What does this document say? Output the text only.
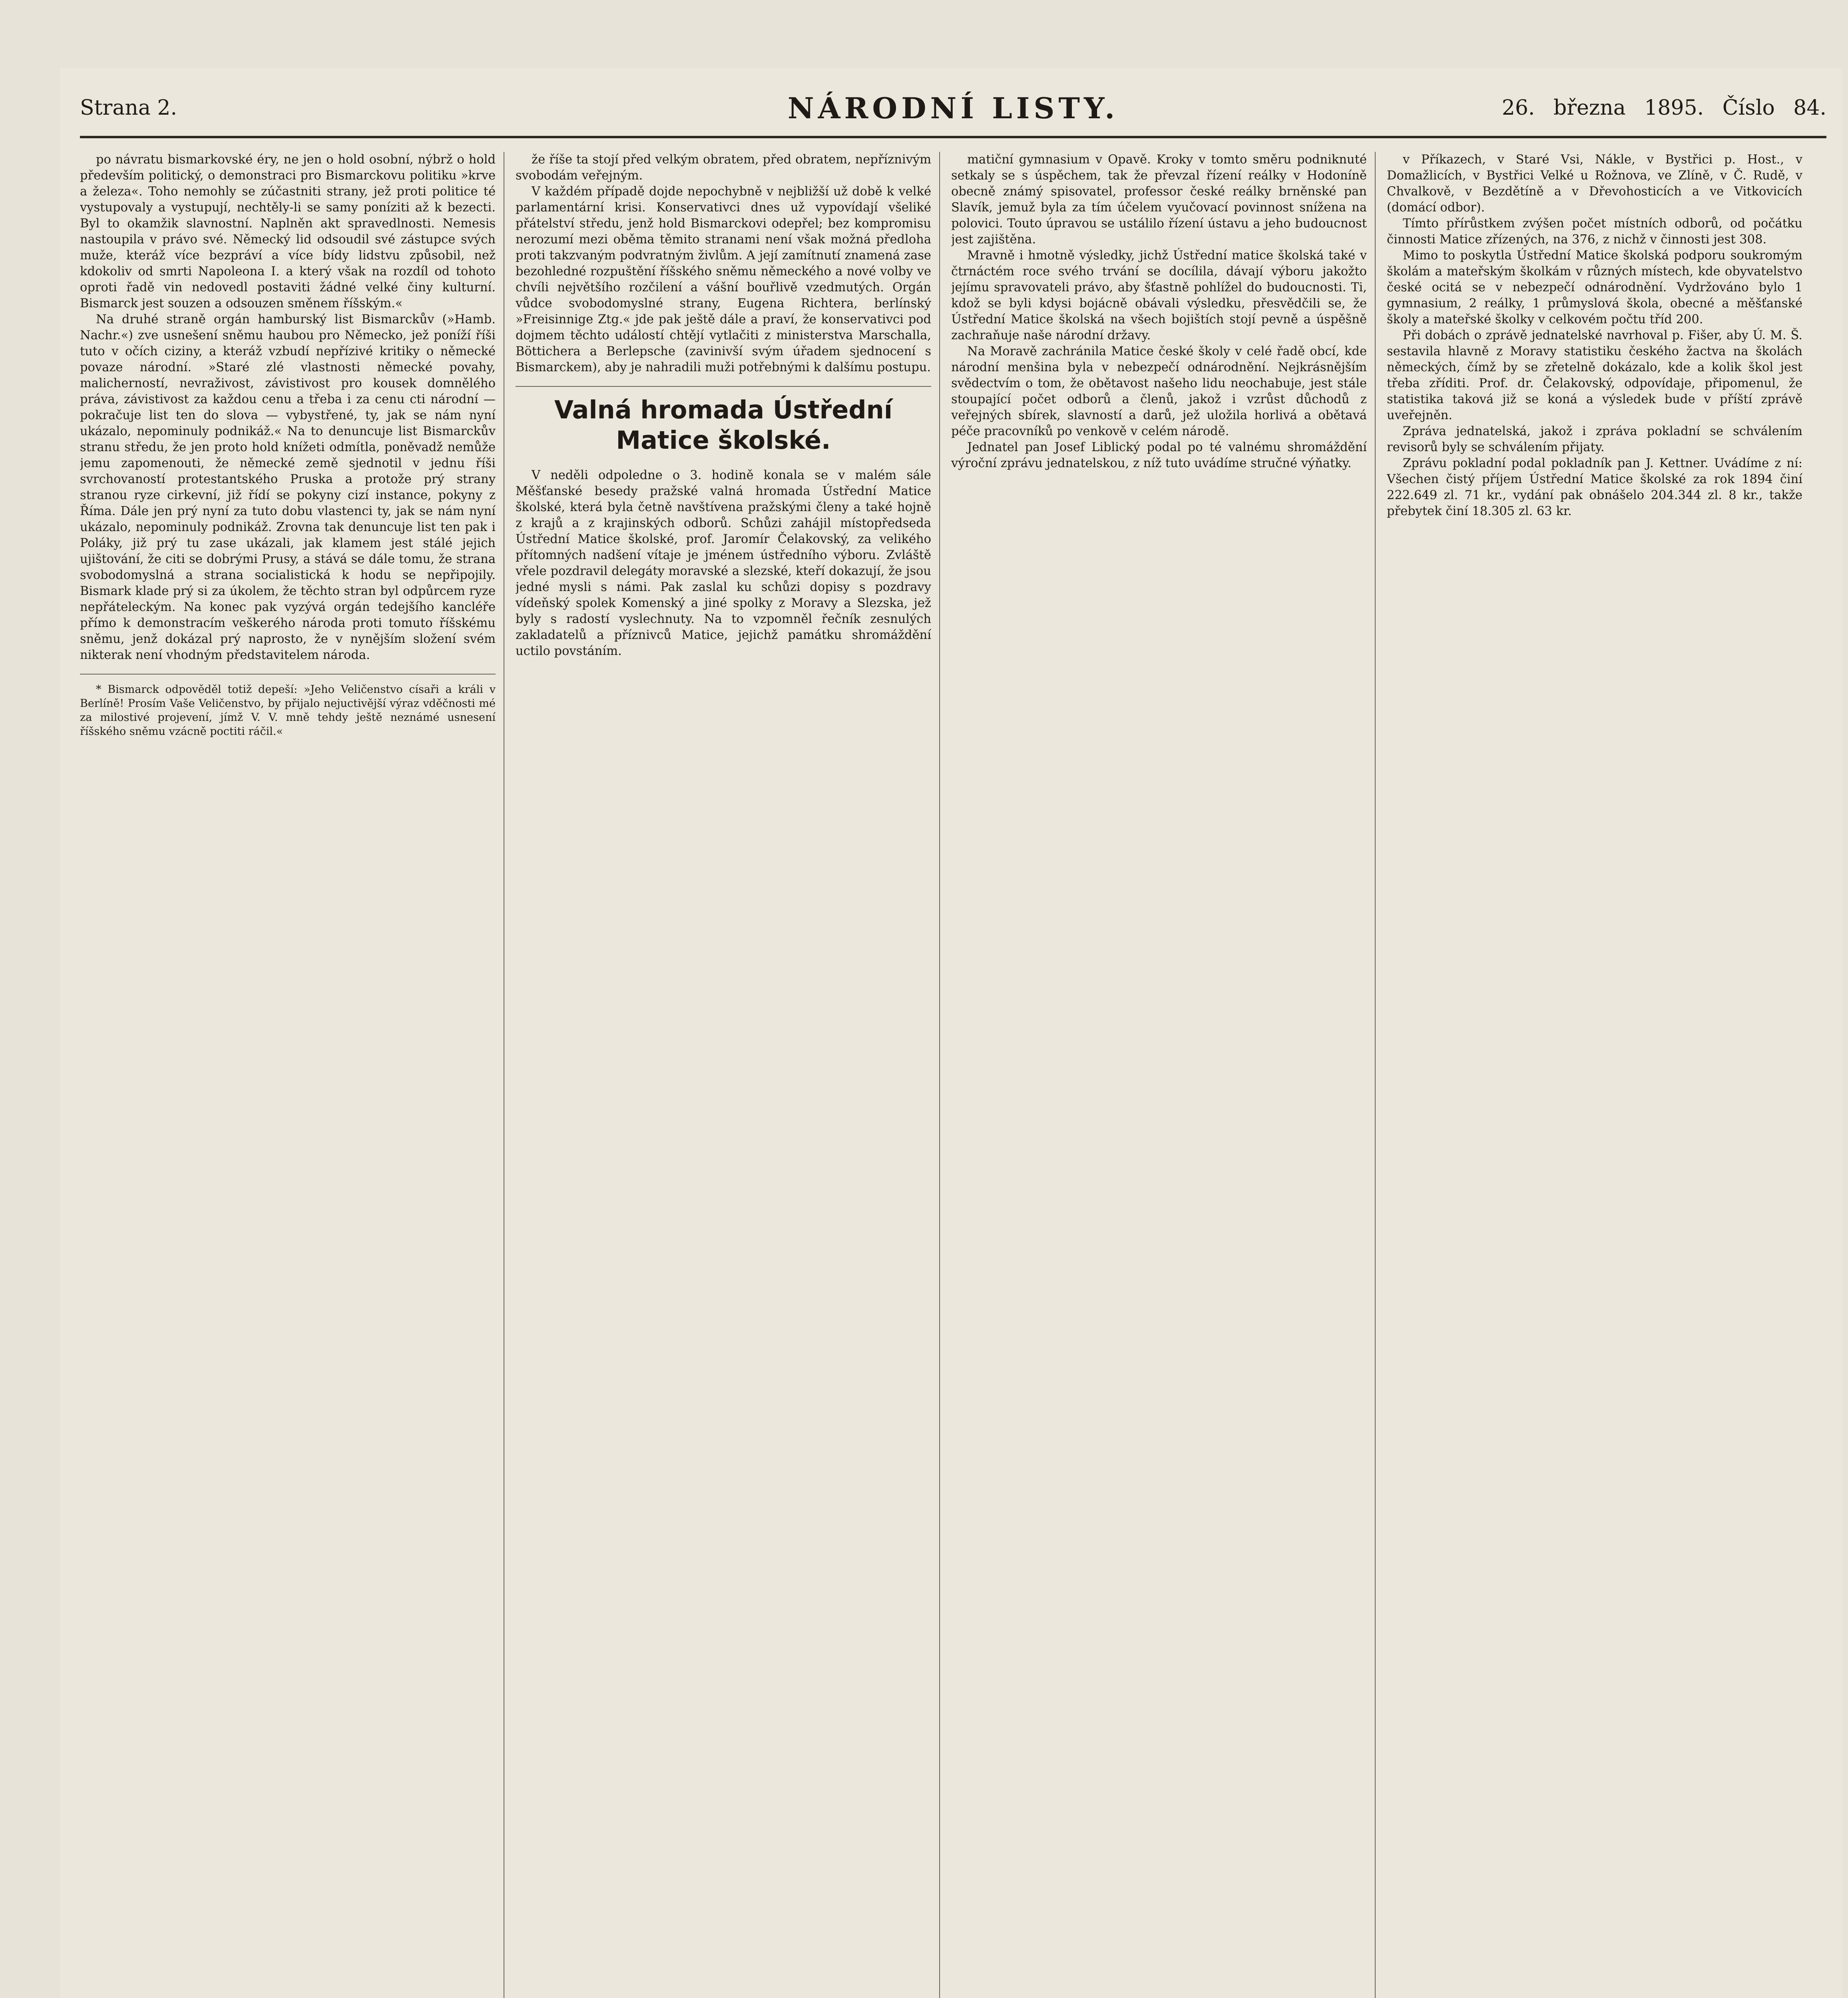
Strana 2.	NÁRODNÍ LISTY.	26. března 1895. Číslo 84.

po návratu bismarkovské éry, ne jen o hold osobní, nýbrž o hold především politický, o demonstraci pro Bismarckovu politiku »krve a železa«. Toho nemohly se zúčastniti strany, jež proti politice té vystupovaly a vystupují, nechtěly-li se samy poníziti až k bezecti. Byl to okamžik slavnostní. Naplněn akt spravedlnosti. Nemesis nastoupila v právo své. Německý lid odsoudil své zástupce svých muže, kteráž více bezpráví a více bídy lidstvu způsobil, než kdokoliv od smrti Napoleona I. a který však na rozdíl od tohoto oproti řadě vin nedovedl postaviti žádné velké činy kulturní. Bismarck jest souzen a odsouzen směnem říšským.«

Na druhé straně orgán hamburský list Bismarckův (»Hamb. Nachr.«) zve usnešení sněmu haubou pro Německo, jež poníží říši tuto v očích ciziny, a kteráž vzbudí nepřízivé kritiky o německé povaze národní. »Staré zlé vlastnosti německé povahy, malicherností, nevraživost, závistivost pro kousek domnělého práva, závistivost za každou cenu a třeba i za cenu cti národní — pokračuje list ten do slova — vybystřené, ty, jak se nám nyní ukázalo, nepominuly podnikáž.« Na to denuncuje list Bismarckův stranu středu, že jen proto hold knížeti odmítla, poněvadž nemůže jemu zapomenouti, že německé země sjednotil v jednu říši svrchovaností protestantského Pruska a protože prý strany stranou ryze cirkevní, již řídí se pokyny cizí instance, pokyny z Říma. Dále jen prý nyní za tuto dobu vlastenci ty, jak se nám nyní ukázalo, nepominuly podnikáž. Zrovna tak denuncuje list ten pak i Poláky, již prý tu zase ukázali, jak klamem jest stálé jejich ujištování, že citi se dobrými Prusy, a stává se dále tomu, že strana svobodomyslná a strana socialistická k hodu se nepřipojily. Bismark klade prý si za úkolem, že těchto stran byl odpůrcem ryze nepřáteleckým. Na konec pak vyzývá orgán tedejšího kancléře přímo k demonstracím veškerého národa proti tomuto říšskému sněmu, jenž dokázal prý naprosto, že v nynějším složení svém nikterak není vhodným představitelem národa.

* Bismarck odpověděl totiž depeší: »Jeho Veličenstvo císaři a králi v Berlíně! Prosím Vaše Veličenstvo, by přijalo nejuctivější výraz vděčnosti mé za milostivé projevení, jímž V. V. mně tehdy ještě neznámé usnesení říšského sněmu vzácně poctiti ráčil.«

že říše ta stojí před velkým obratem, před obratem, nepříznivým svobodám veřejným.

V každém případě dojde nepochybně v nejbližší už době k velké parlamentární krisi. Konservativci dnes už vypovídají všeliké přátelství středu, jenž hold Bismarckovi odepřel; bez kompromisu nerozumí mezi oběma těmito stranami není však možná předloha proti takzvaným podvratným živlům. A její zamítnutí znamená zase bezohledné rozpuštění říšského sněmu německého a nové volby ve chvíli největšího rozčilení a vášní bouřlivě vzedmutých. Orgán vůdce svobodomyslné strany, Eugena Richtera, berlínský »Freisinnige Ztg.« jde pak ještě dále a praví, že konservativci pod dojmem těchto událostí chtějí vytlačiti z ministerstva Marschalla, Böttichera a Berlepsche (zavinivší svým úřadem sjednocení s Bismarckem), aby je nahradili muži potřebnými k dalšímu postupu.

Valná hromada Ústřední Matice školské.

V neděli odpoledne o 3. hodině konala se v malém sále Měšťanské besedy pražské valná hromada Ústřední Matice školské, která byla četně navštívena pražskými členy a také hojně z krajů a z krajinských odborů. Schůzi zahájil místopředseda Ústřední Matice školské, prof. Jaromír Čelakovský, za velikého přítomných nadšení vítaje je jménem ústředního výboru. Zvláště vřele pozdravil delegáty moravské a slezské, kteří dokazují, že jsou jedné mysli s námi. Pak zaslal ku schůzi dopisy s pozdravy vídeňský spolek Komenský a jiné spolky z Moravy a Slezska, jež byly s radostí vyslechnuty. Na to vzpomněl řečník zesnulých zakladatelů a příznivců Matice, jejichž památku shromáždění uctilo povstáním.

matiční gymnasium v Opavě. Kroky v tomto směru podniknuté setkaly se s úspěchem, tak že převzal řízení reálky v Hodoníně obecně známý spisovatel, professor české reálky brněnské pan Slavík, jemuž byla za tím účelem vyučovací povinnost snížena na polovici. Touto úpravou se ustálilo řízení ústavu a jeho budoucnost jest zajištěna.

Mravně i hmotně výsledky, jichž Ústřední matice školská také v čtrnáctém roce svého trvání se docílila, dávají výboru jakožto jejímu spravovateli právo, aby šťastně pohlížel do budoucnosti. Ti, kdož se byli kdysi bojácně obávali výsledku, přesvědčili se, že Ústřední Matice školská na všech bojištích stojí pevně a úspěšně zachraňuje naše národní državy.

Na Moravě zachránila Matice české školy v celé řadě obcí, kde národní menšina byla v nebezpečí odnárodnění. Nejkrásnějším svědectvím o tom, že obětavost našeho lidu neochabuje, jest stále stoupající počet odborů a členů, jakož i vzrůst důchodů z veřejných sbírek, slavností a darů, jež uložila horlivá a obětavá péče pracovníků po venkově v celém národě.

Jednatel pan Josef Liblický podal po té valnému shromáždění výroční zprávu jednatelskou, z níž tuto uvádíme stručné výňatky.

v Příkazech, v Staré Vsi, Nákle, v Bystřici p. Host., v Domažlicích, v Bystřici Velké u Rožnova, ve Zlíně, v Č. Rudě, v Chvalkově, v Bezdětíně a v Dřevohosticích a ve Vitkovicích (domácí odbor).

Tímto přírůstkem zvýšen počet místních odborů, od počátku činnosti Matice zřízených, na 376, z nichž v činnosti jest 308.

Mimo to poskytla Ústřední Matice školská podporu soukromým školám a mateřským školkám v různých místech, kde obyvatelstvo české ocitá se v nebezpečí odnárodnění. Vydržováno bylo 1 gymnasium, 2 reálky, 1 průmyslová škola, obecné a měšťanské školy a mateřské školky v celkovém počtu tříd 200.

Při dobách o zprávě jednatelské navrhoval p. Fišer, aby Ú. M. Š. sestavila hlavně z Moravy statistiku českého žactva na školách německých, čímž by se zřetelně dokázalo, kde a kolik škol jest třeba zříditi. Prof. dr. Čelakovský, odpovídaje, připomenul, že statistika taková již se koná a výsledek bude v příští zprávě uveřejněn.

Zpráva jednatelská, jakož i zpráva pokladní se schválením revisorů byly se schválením přijaty.

Zprávu pokladní podal pokladník pan J. Kettner. Uvádíme z ní: Všechen čistý příjem Ústřední Matice školské za rok 1894 činí 222.649 zl. 71 kr., vydání pak obnášelo 204.344 zl. 8 kr., takže přebytek činí 18.305 zl. 63 kr.
